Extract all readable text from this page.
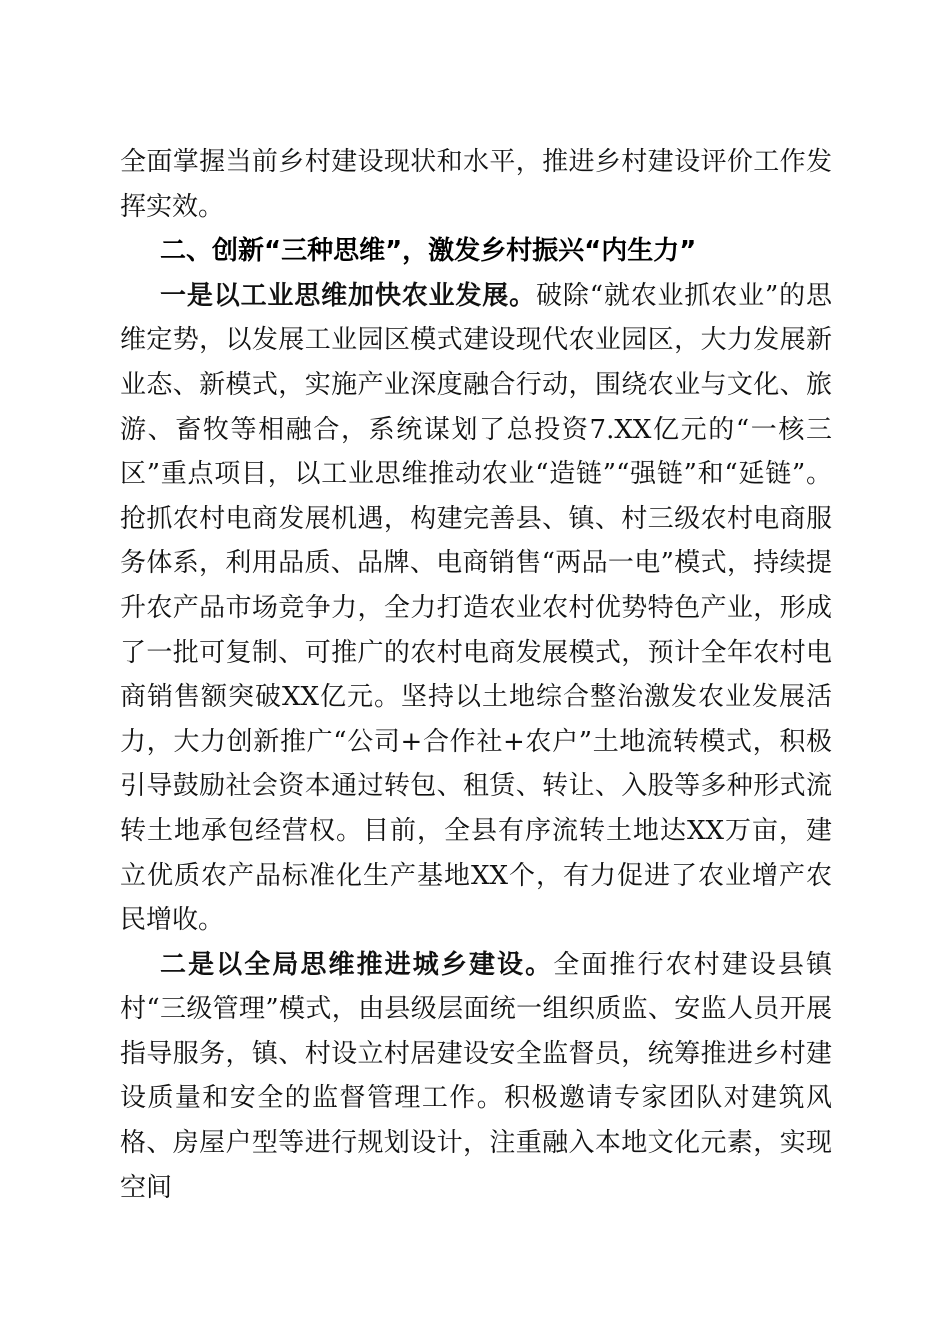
全面掌握当前乡村建设现状和水平，推进乡村建设评价工作发挥实效。

二、创新“三种思维”，激发乡村振兴“内生力”

一是以工业思维加快农业发展。破除“就农业抓农业”的思维定势，以发展工业园区模式建设现代农业园区，大力发展新业态、新模式，实施产业深度融合行动，围绕农业与文化、旅游、畜牧等相融合，系统谋划了总投资7.XX亿元的“一核三区”重点项目，以工业思维推动农业“造链”“强链”和“延链”。抢抓农村电商发展机遇，构建完善县、镇、村三级农村电商服务体系，利用品质、品牌、电商销售“两品一电”模式，持续提升农产品市场竞争力，全力打造农业农村优势特色产业，形成了一批可复制、可推广的农村电商发展模式，预计全年农村电商销售额突破XX亿元。坚持以土地综合整治激发农业发展活力，大力创新推广“公司+合作社+农户”土地流转模式，积极引导鼓励社会资本通过转包、租赁、转让、入股等多种形式流转土地承包经营权。目前，全县有序流转土地达XX万亩，建立优质农产品标准化生产基地XX个，有力促进了农业增产农民增收。

二是以全局思维推进城乡建设。全面推行农村建设县镇村“三级管理”模式，由县级层面统一组织质监、安监人员开展指导服务，镇、村设立村居建设安全监督员，统筹推进乡村建设质量和安全的监督管理工作。积极邀请专家团队对建筑风格、房屋户型等进行规划设计，注重融入本地文化元素，实现空间
